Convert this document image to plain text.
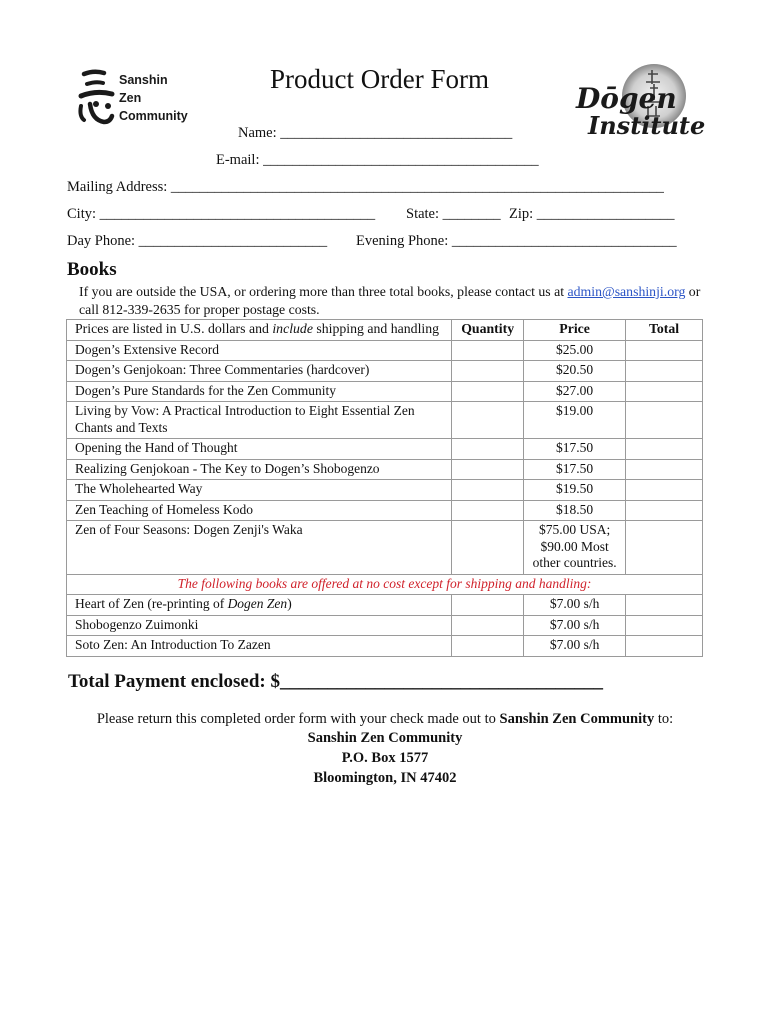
Sanshin
Zen
Community
Product Order Form
Dōgen
Institute
Name: ________________________________
E-mail: ______________________________________
Mailing Address: ____________________________________________________________________
City: ______________________________________ State: ________ Zip: ___________________
Day Phone: __________________________ Evening Phone: _______________________________
Books
If you are outside the USA, or ordering more than three total books, please contact us at admin@sanshinji.org or call 812-339-2635 for proper postage costs.
Prices are listed in U.S. dollars and include shipping and handling	Quantity	Price	Total
Dogen’s Extensive Record		$25.00	
Dogen’s Genjokoan: Three Commentaries (hardcover)		$20.50	
Dogen’s Pure Standards for the Zen Community		$27.00	
Living by Vow: A Practical Introduction to Eight Essential Zen Chants and Texts		$19.00	
Opening the Hand of Thought		$17.50	
Realizing Genjokoan - The Key to Dogen’s Shobogenzo		$17.50	
The Wholehearted Way		$19.50	
Zen Teaching of Homeless Kodo		$18.50	
Zen of Four Seasons: Dogen Zenji's Waka		$75.00 USA; $90.00 Most other countries.	
The following books are offered at no cost except for shipping and handling:			
Heart of Zen (re-printing of Dogen Zen)		$7.00 s/h	
Shobogenzo Zuimonki		$7.00 s/h	
Soto Zen: An Introduction To Zazen		$7.00 s/h	
Total Payment enclosed: $__________________________________
Please return this completed order form with your check made out to Sanshin Zen Community to:
Sanshin Zen Community
P.O. Box 1577
Bloomington, IN 47402
